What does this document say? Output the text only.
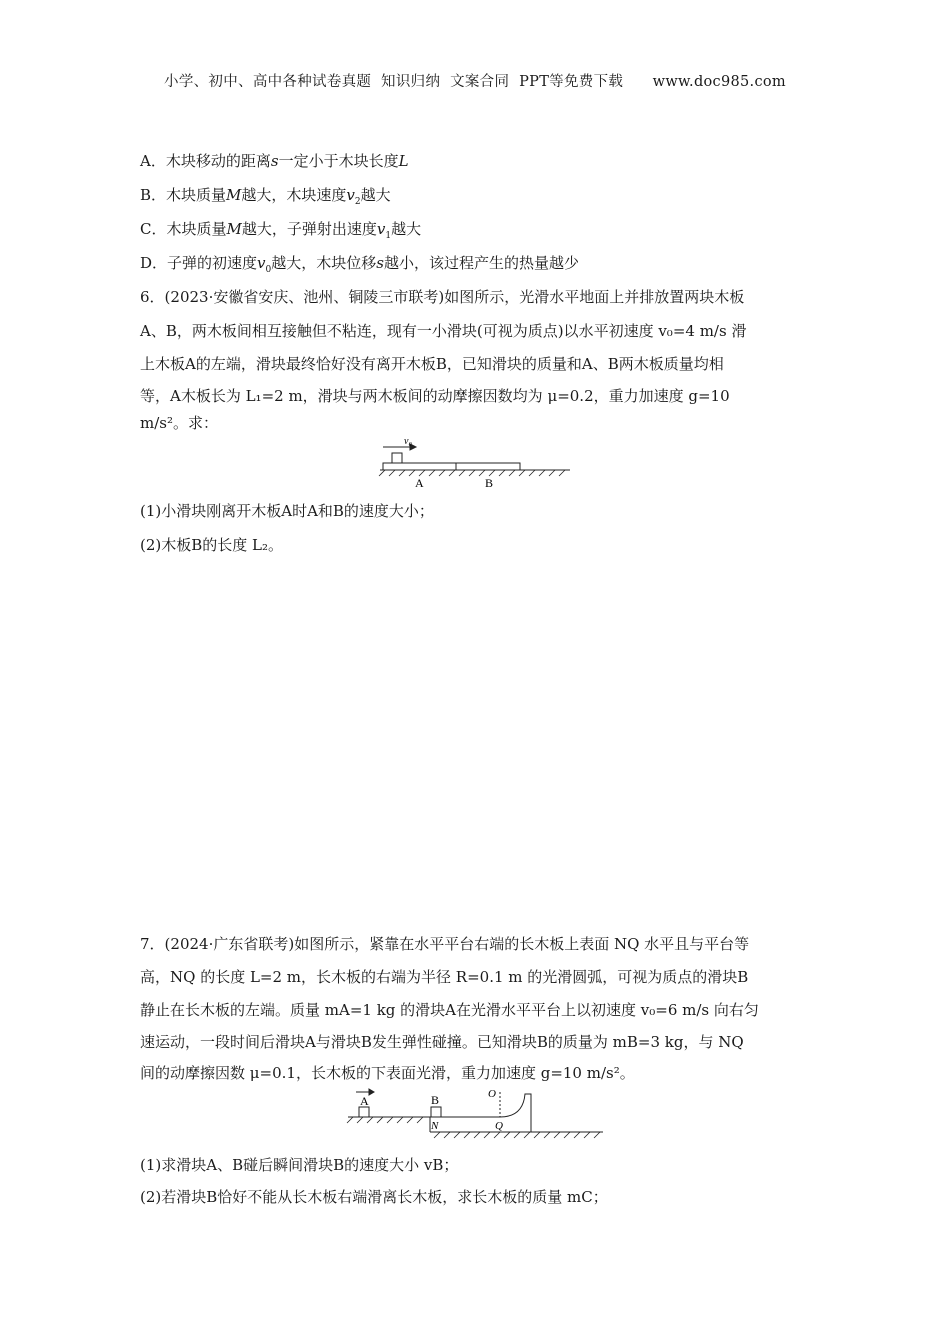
小学、初中、高中各种试卷真题  知识归纳  文案合同  PPT等免费下载      www.doc985.com
A．木块移动的距离s一定小于木块长度L
B．木块质量M越大，木块速度$v_2$越大
C．木块质量M越大，子弹射出速度$v_1$越大
D．子弹的初速度$v_0$越大，木块位移s越小，该过程产生的热量越少
6．(2023·安徽省安庆、池州、铜陵三市联考)如图所示，光滑水平地面上并排放置两块木板
A、B，两木板间相互接触但不粘连，现有一小滑块(可视为质点)以水平初速度 v₀=4 m/s 滑
上木板A的左端，滑块最终恰好没有离开木板B，已知滑块的质量和A、B两木板质量均相
等，A木板长为 L₁=2 m，滑块与两木板间的动摩擦因数均为 μ=0.2，重力加速度 g=10
m/s²。求：
v₀
A	B
(1)小滑块刚离开木板A时A和B的速度大小；
(2)木板B的长度 L₂。
7．(2024·广东省联考)如图所示，紧靠在水平平台右端的长木板上表面 NQ 水平且与平台等
高，NQ 的长度 L=2 m，长木板的右端为半径 R=0.1 m 的光滑圆弧，可视为质点的滑块B
静止在长木板的左端。质量 mA=1 kg 的滑块A在光滑水平平台上以初速度 v₀=6 m/s 向右匀
速运动，一段时间后滑块A与滑块B发生弹性碰撞。已知滑块B的质量为 mB=3 kg，与 NQ
间的动摩擦因数 μ=0.1，长木板的下表面光滑，重力加速度 g=10 m/s²。
A	B
N	Q
O
(1)求滑块A、B碰后瞬间滑块B的速度大小 vB；
(2)若滑块B恰好不能从长木板右端滑离长木板，求长木板的质量 mC；
